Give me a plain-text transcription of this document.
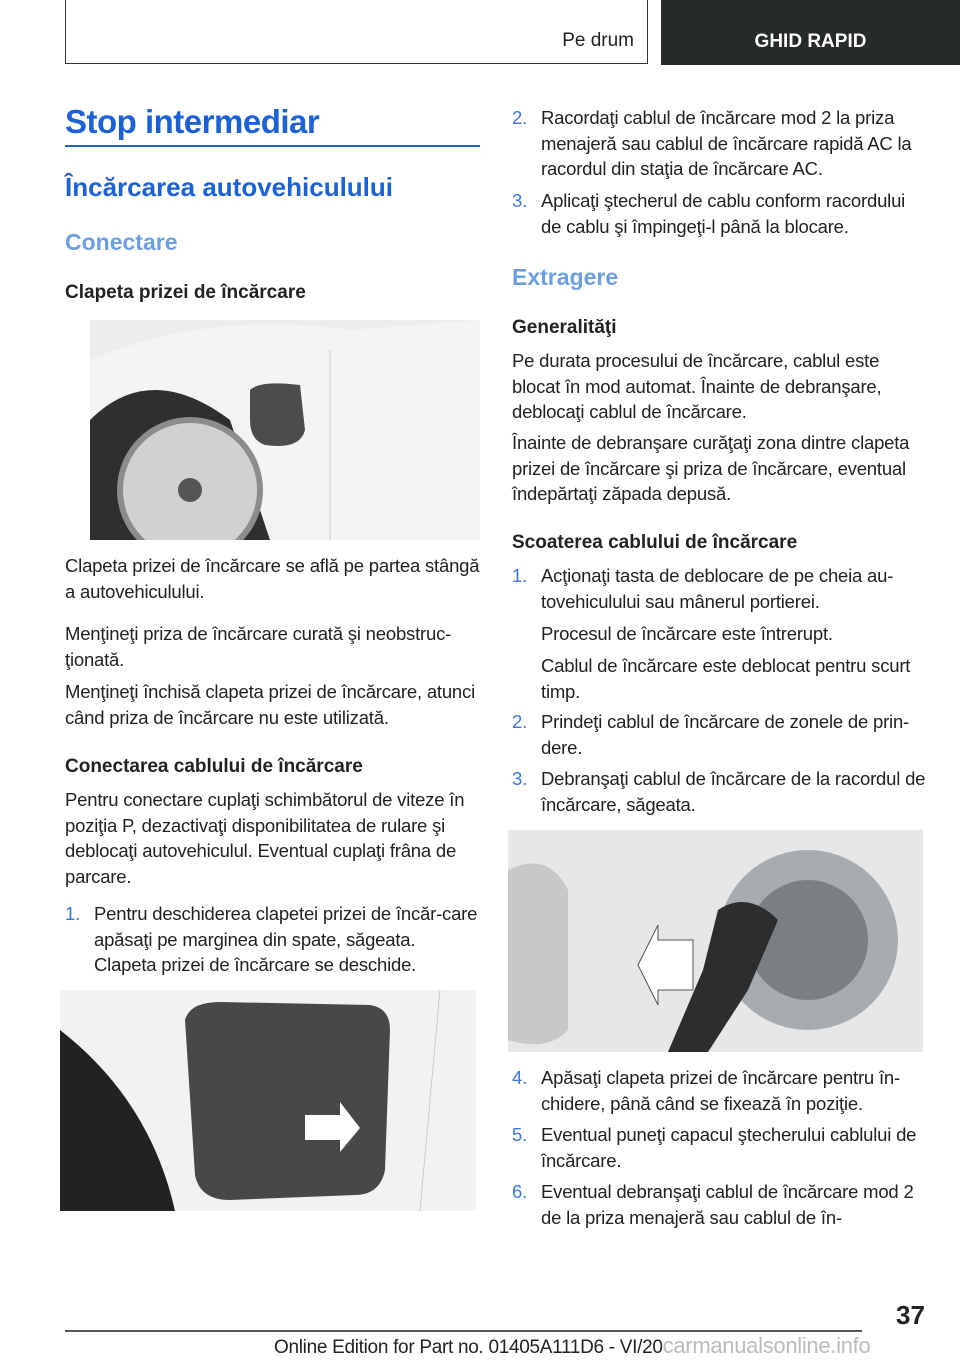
Pe drum	GHID RAPID
Stop intermediar
Încărcarea autovehiculului
Conectare
Clapeta prizei de încărcare
Clapeta prizei de încărcare se află pe partea stângă a autovehiculului.
Menţineţi priza de încărcare curată şi neobstruc‐ţionată.
Menţineţi închisă clapeta prizei de încărcare, atunci când priza de încărcare nu este utilizată.
Conectarea cablului de încărcare
Pentru conectare cuplaţi schimbătorul de viteze în poziţia P, dezactivaţi disponibilitatea de rulare şi deblocaţi autovehiculul. Eventual cuplaţi frâna de parcare.
1. Pentru deschiderea clapetei prizei de încăr‐care apăsaţi pe marginea din spate, săgeata. Clapeta prizei de încărcare se deschide.
2. Racordaţi cablul de încărcare mod 2 la priza menajeră sau cablul de încărcare rapidă AC la racordul din staţia de încărcare AC.
3. Aplicaţi ştecherul de cablu conform racordului de cablu şi împingeţi-l până la blocare.
Extragere
Generalităţi
Pe durata procesului de încărcare, cablul este blocat în mod automat. Înainte de debranşare, deblocaţi cablul de încărcare.
Înainte de debranşare curăţaţi zona dintre clapeta prizei de încărcare şi priza de încărcare, eventual îndepărtaţi zăpada depusă.
Scoaterea cablului de încărcare
1. Acţionaţi tasta de deblocare de pe cheia au‐tovehiculului sau mânerul portierei.
Procesul de încărcare este întrerupt.
Cablul de încărcare este deblocat pentru scurt timp.
2. Prindeţi cablul de încărcare de zonele de prin‐dere.
3. Debranşaţi cablul de încărcare de la racordul de încărcare, săgeata.
4. Apăsaţi clapeta prizei de încărcare pentru în‐chidere, până când se fixează în poziţie.
5. Eventual puneţi capacul ştecherului cablului de încărcare.
6. Eventual debranşaţi cablul de încărcare mod 2 de la priza menajeră sau cablul de în‐
37
Online Edition for Part no. 01405A111D6 - VI/20carmanualsonline.info
